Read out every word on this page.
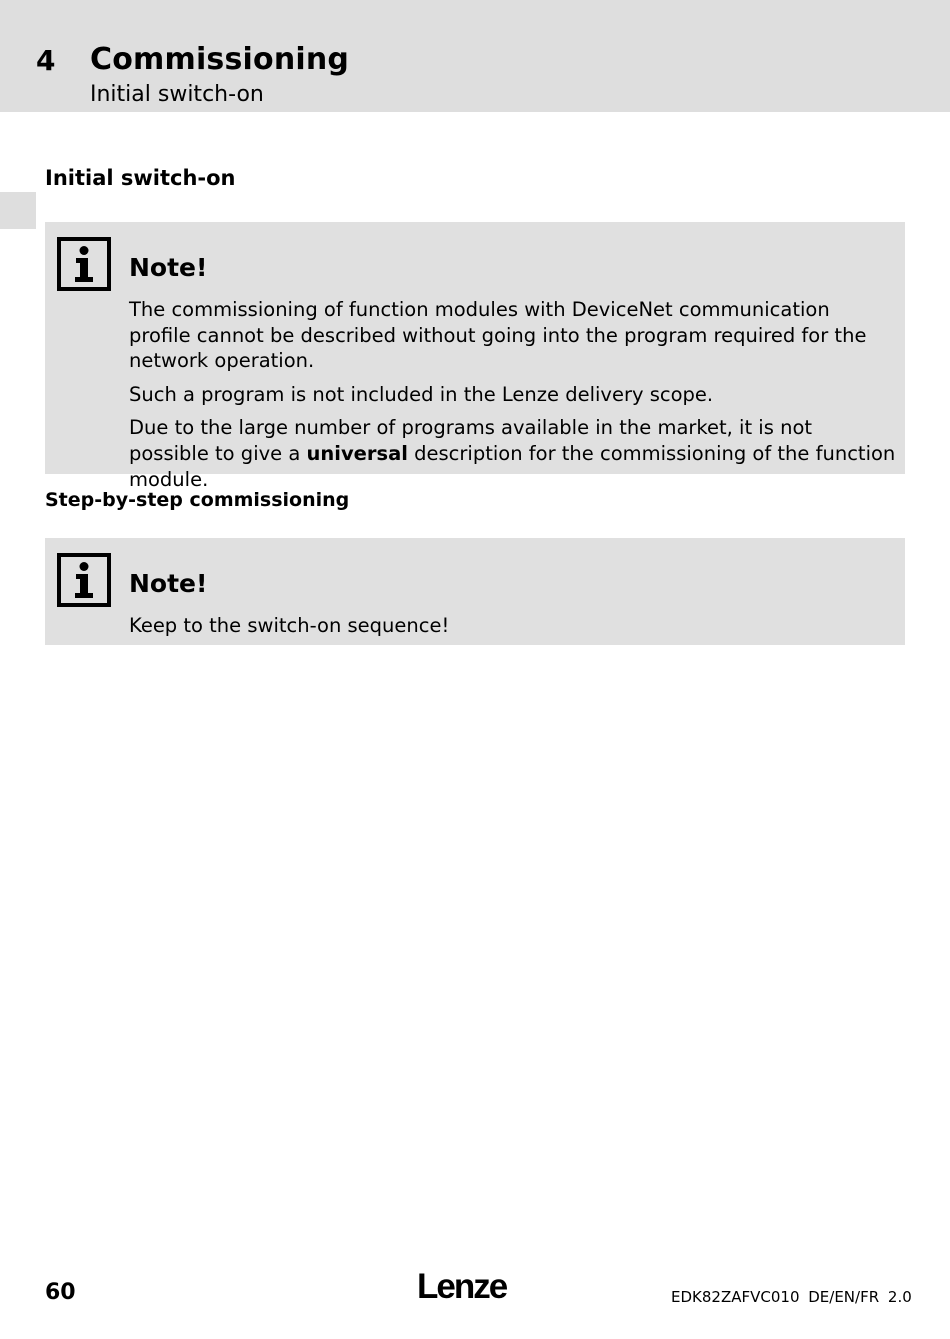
4 Commissioning
Initial switch-on
Initial switch-on
Note!

The commissioning of function modules with DeviceNet communication profile cannot be described without going into the program required for the network operation.

Such a program is not included in the Lenze delivery scope.

Due to the large number of programs available in the market, it is not possible to give a universal description for the commissioning of the function module.

Step-by-step commissioning
Note!

Keep to the switch-on sequence!

60	Lenze	EDK82ZAFVC010 DE/EN/FR 2.0
